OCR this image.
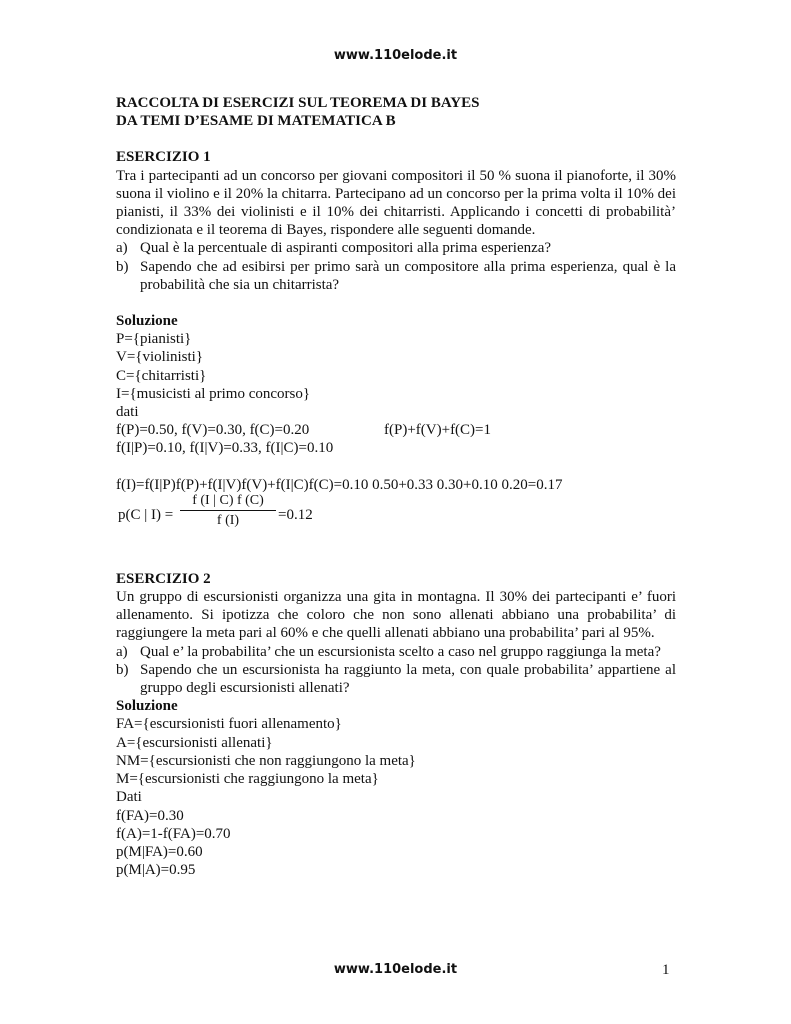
www.110elode.it
RACCOLTA DI ESERCIZI SUL TEOREMA DI BAYES
DA TEMI D’ESAME DI MATEMATICA B
ESERCIZIO 1
Tra i partecipanti ad un concorso per giovani compositori il 50 % suona il pianoforte, il 30% suona il violino e il 20% la chitarra. Partecipano ad un concorso per la prima volta il 10% dei pianisti, il 33% dei violinisti e il 10% dei chitarristi. Applicando i concetti di probabilità’ condizionata e il teorema di Bayes, rispondere alle seguenti domande.
a) Qual è la percentuale di aspiranti compositori alla prima esperienza?
b) Sapendo che ad esibirsi per primo sarà un compositore alla prima esperienza, qual è la probabilità che sia un chitarrista?
Soluzione
P={pianisti}
V={violinisti}
C={chitarristi}
I={musicisti al primo concorso}
dati
f(P)=0.50, f(V)=0.30, f(C)=0.20	f(P)+f(V)+f(C)=1
f(I|P)=0.10, f(I|V)=0.33, f(I|C)=0.10
f(I)=f(I|P)f(P)+f(I|V)f(V)+f(I|C)f(C)=0.10 0.50+0.33 0.30+0.10 0.20=0.17
p(C | I) =
f (I | C) f (C)
f (I)	=0.12
ESERCIZIO 2
Un gruppo di escursionisti organizza una gita in montagna. Il 30% dei partecipanti e’ fuori allenamento. Si ipotizza che coloro che non sono allenati abbiano una probabilita’ di raggiungere la meta pari al 60% e che quelli allenati abbiano una probabilita’ pari al 95%.
a) Qual e’ la probabilita’ che un escursionista scelto a caso nel gruppo raggiunga la meta?
b) Sapendo che un escursionista ha raggiunto la meta, con quale probabilita’ appartiene al gruppo degli escursionisti allenati?
Soluzione
FA={escursionisti fuori allenamento}
A={escursionisti allenati}
NM={escursionisti che non raggiungono la meta}
M={escursionisti che raggiungono la meta}
Dati
f(FA)=0.30
f(A)=1-f(FA)=0.70
p(M|FA)=0.60
p(M|A)=0.95
www.110elode.it	1
